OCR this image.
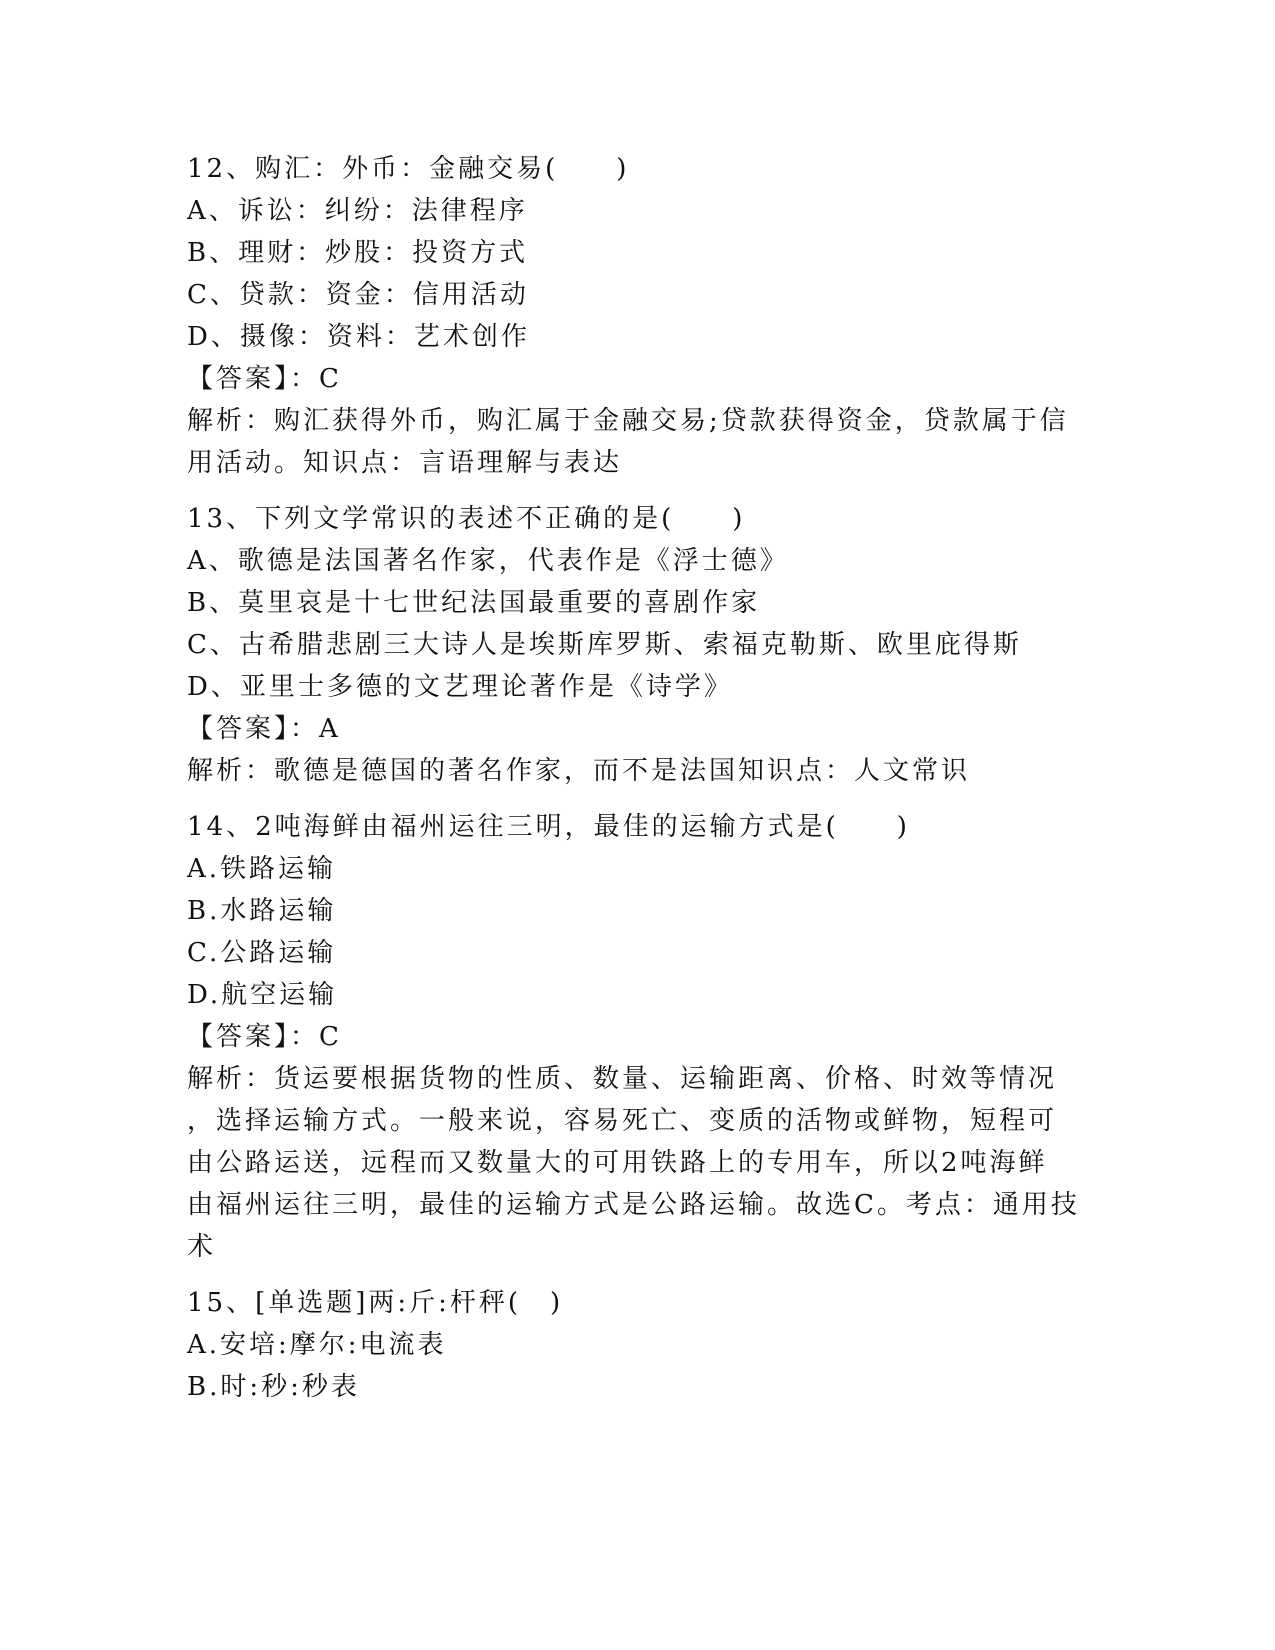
12、购汇：外币：金融交易(　　)
A、诉讼：纠纷：法律程序
B、理财：炒股：投资方式
C、贷款：资金：信用活动
D、摄像：资料：艺术创作
【答案】：C
解析：购汇获得外币，购汇属于金融交易;贷款获得资金，贷款属于信
用活动。知识点：言语理解与表达
13、下列文学常识的表述不正确的是(　　)
A、歌德是法国著名作家，代表作是《浮士德》
B、莫里哀是十七世纪法国最重要的喜剧作家
C、古希腊悲剧三大诗人是埃斯库罗斯、索福克勒斯、欧里庇得斯
D、亚里士多德的文艺理论著作是《诗学》
【答案】：A
解析：歌德是德国的著名作家，而不是法国知识点：人文常识
14、2吨海鲜由福州运往三明，最佳的运输方式是(　　)
A.铁路运输
B.水路运输
C.公路运输
D.航空运输
【答案】：C
解析：货运要根据货物的性质、数量、运输距离、价格、时效等情况
，选择运输方式。一般来说，容易死亡、变质的活物或鲜物，短程可
由公路运送，远程而又数量大的可用铁路上的专用车，所以2吨海鲜
由福州运往三明，最佳的运输方式是公路运输。故选C。考点：通用技
术
15、[单选题]两:斤:杆秤(　)
A.安培:摩尔:电流表
B.时:秒:秒表
